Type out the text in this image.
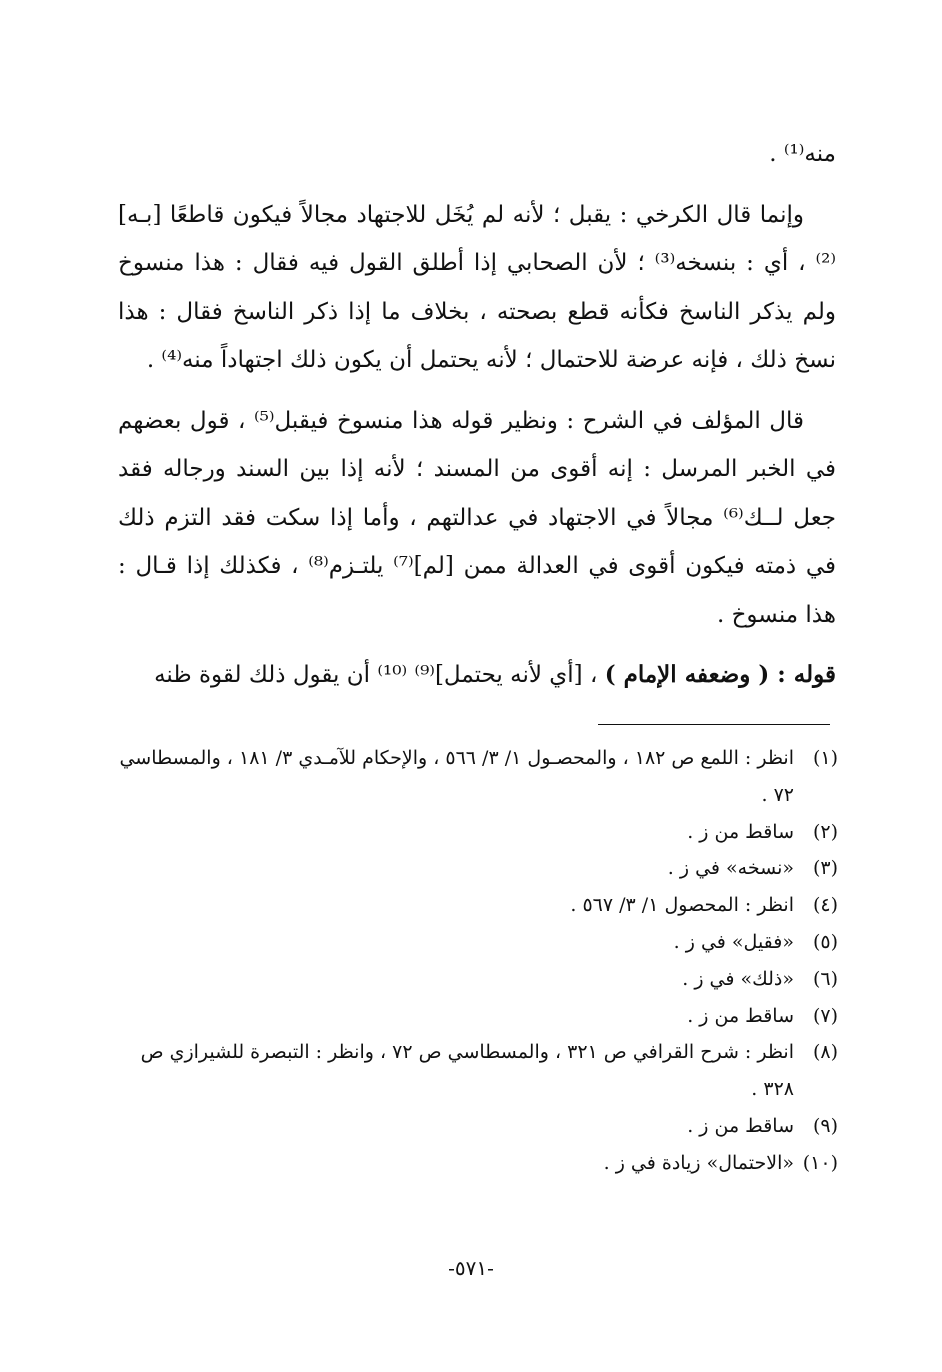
منه⁽¹⁾ .

وإنما قال الكرخي : يقبل ؛ لأنه لم يُخَل للاجتهاد مجالاً فيكون قاطعًا [بـه]⁽²⁾ ، أي : بنسخه⁽³⁾ ؛ لأن الصحابي إذا أطلق القول فيه فقال : هذا منسوخ ولم يذكر الناسخ فكأنه قطع بصحته ، بخلاف ما إذا ذكر الناسخ فقال : هذا نسخ ذلك ، فإنه عرضة للاحتمال ؛ لأنه يحتمل أن يكون ذلك اجتهاداً منه⁽⁴⁾ .

قال المؤلف في الشرح : ونظير قوله هذا منسوخ فيقبل⁽⁵⁾ ، قول بعضهم في الخبر المرسل : إنه أقوى من المسند ؛ لأنه إذا بين السند ورجاله فقد جعل لــك⁽⁶⁾ مجالاً في الاجتهاد في عدالتهم ، وأما إذا سكت فقد التزم ذلك في ذمته فيكون أقوى في العدالة ممن [لم]⁽⁷⁾ يلتـزم⁽⁸⁾ ، فكذلك إذا قـال : هذا منسوخ .

قوله : ( وضعفه الإمام ) ، [أي لأنه يحتمل]⁽⁹⁾ ⁽¹⁰⁾ أن يقول ذلك لقوة ظنه

(١)
انظر : اللمع ص ١٨٢ ، والمحصـول ١/ ٣/ ٥٦٦ ، والإحكام للآمـدي ٣/ ١٨١ ، والمسطاسي ٧٢ .
(٢)
ساقط من ز .
(٣)
«نسخه» في ز .
(٤)
انظر : المحصول ١/ ٣/ ٥٦٧ .
(٥)
«فقيل» في ز .
(٦)
«ذلك» في ز .
(٧)
ساقط من ز .
(٨)
انظر : شرح القرافي ص ٣٢١ ، والمسطاسي ص ٧٢ ، وانظر : التبصرة للشيرازي ص ٣٢٨ .
(٩)
ساقط من ز .
(١٠)
«الاحتمال» زيادة في ز .
-٥٧١-
